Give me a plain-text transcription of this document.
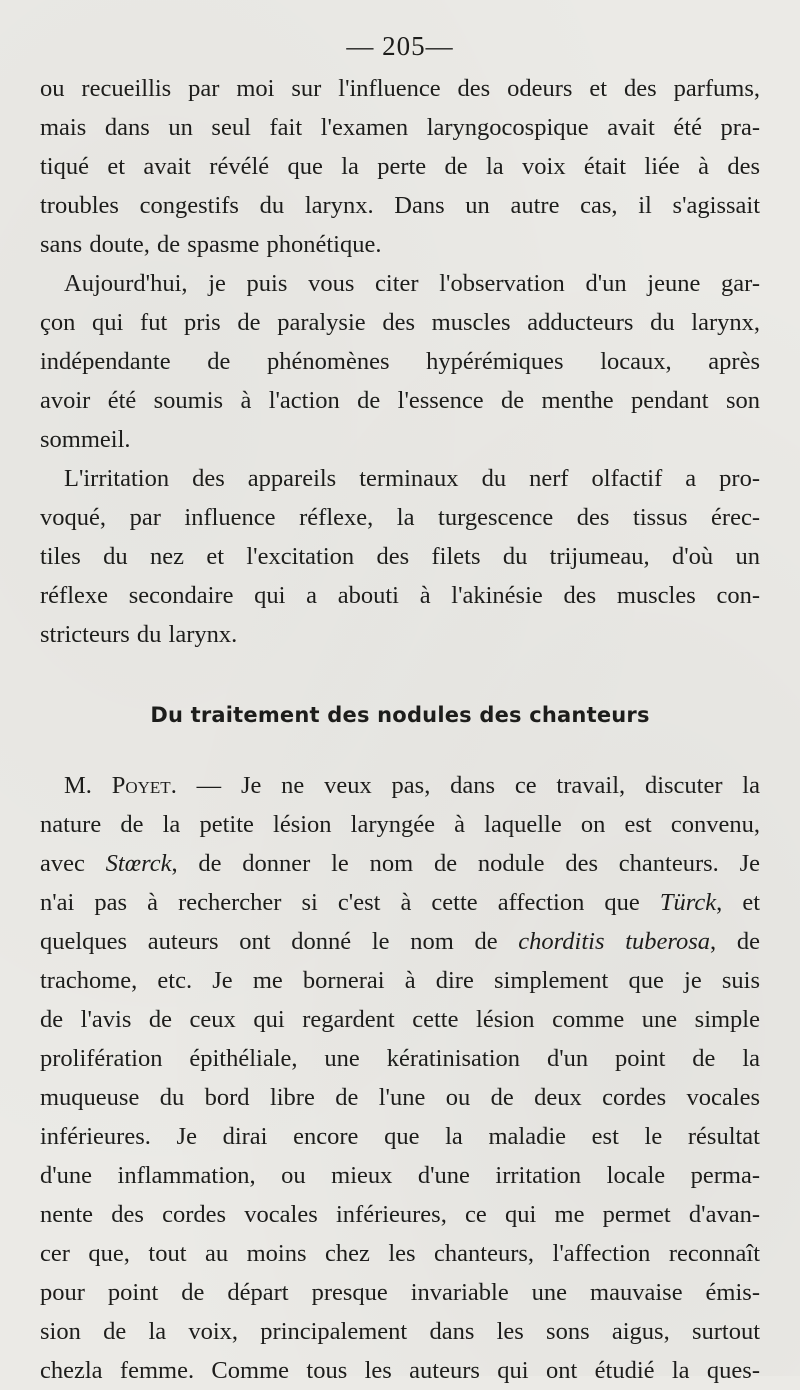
— 205—
ou recueillis par moi sur l'influence des odeurs et des parfums,
mais dans un seul fait l'examen laryngocospique avait été pra-
tiqué et avait révélé que la perte de la voix était liée à des
troubles congestifs du larynx. Dans un autre cas, il s'agissait
sans doute, de spasme phonétique.
Aujourd'hui, je puis vous citer l'observation d'un jeune gar-
çon qui fut pris de paralysie des muscles adducteurs du larynx,
indépendante de phénomènes hypérémiques locaux, après
avoir été soumis à l'action de l'essence de menthe pendant son
sommeil.
L'irritation des appareils terminaux du nerf olfactif a pro-
voqué, par influence réflexe, la turgescence des tissus érec-
tiles du nez et l'excitation des filets du trijumeau, d'où un
réflexe secondaire qui a abouti à l'akinésie des muscles con-
stricteurs du larynx.
Du traitement des nodules des chanteurs
M. Poyet. — Je ne veux pas, dans ce travail, discuter la
nature de la petite lésion laryngée à laquelle on est convenu,
avec Stœrck, de donner le nom de nodule des chanteurs. Je
n'ai pas à rechercher si c'est à cette affection que Türck, et
quelques auteurs ont donné le nom de chorditis tuberosa, de
trachome, etc. Je me bornerai à dire simplement que je suis
de l'avis de ceux qui regardent cette lésion comme une simple
prolifération épithéliale, une kératinisation d'un point de la
muqueuse du bord libre de l'une ou de deux cordes vocales
inférieures. Je dirai encore que la maladie est le résultat
d'une inflammation, ou mieux d'une irritation locale perma-
nente des cordes vocales inférieures, ce qui me permet d'avan-
cer que, tout au moins chez les chanteurs, l'affection reconnaît
pour point de départ presque invariable une mauvaise émis-
sion de la voix, principalement dans les sons aigus, surtout
chezla femme. Comme tous les auteurs qui ont étudié la ques-
